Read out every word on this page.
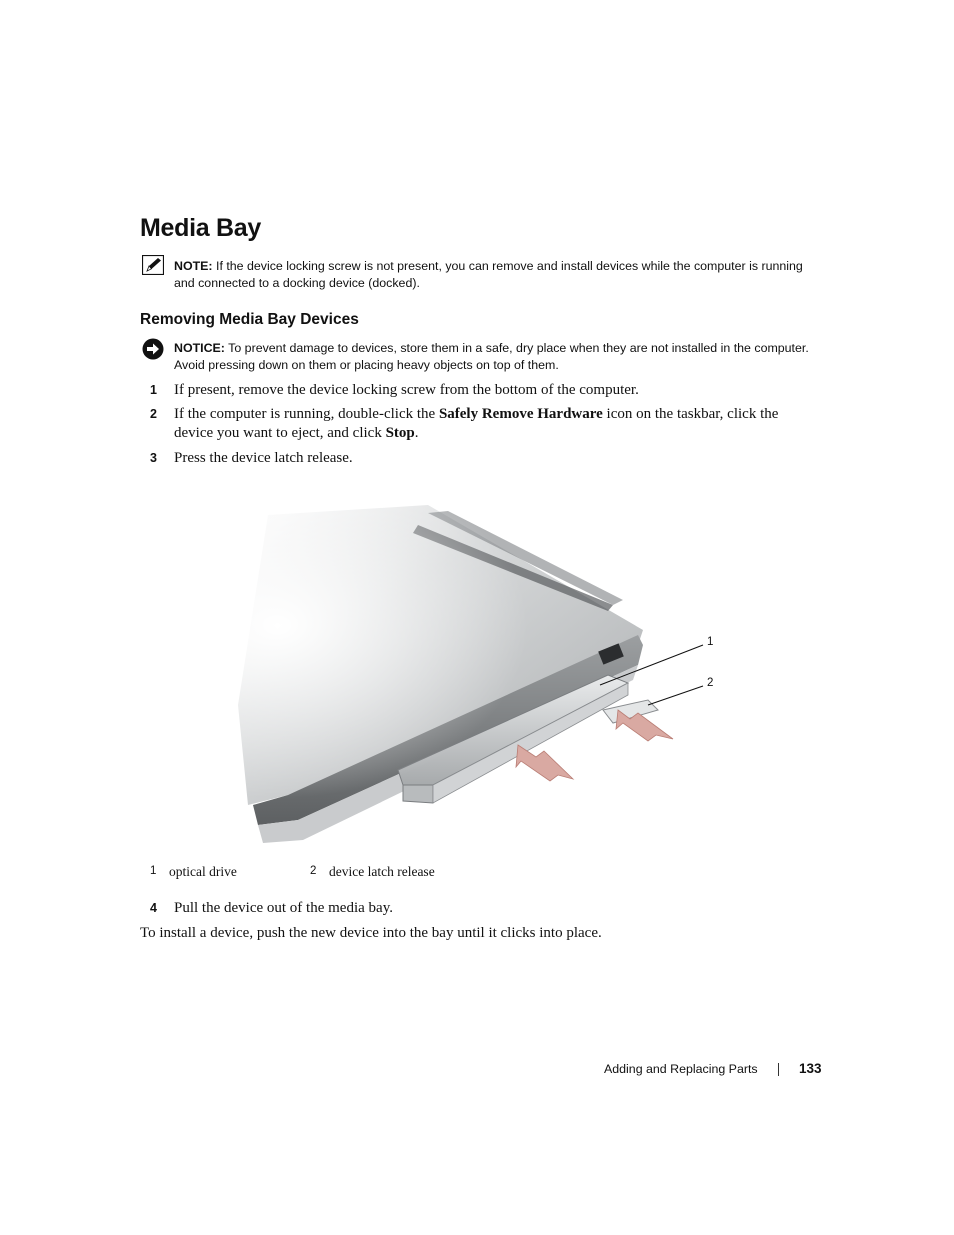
Media Bay
NOTE: If the device locking screw is not present, you can remove and install devices while the computer is running and connected to a docking device (docked).
Removing Media Bay Devices
NOTICE: To prevent damage to devices, store them in a safe, dry place when they are not installed in the computer. Avoid pressing down on them or placing heavy objects on top of them.
1 If present, remove the device locking screw from the bottom of the computer.
2 If the computer is running, double-click the Safely Remove Hardware icon on the taskbar, click the device you want to eject, and click Stop.
3 Press the device latch release.
1
2
1 optical drive	2 device latch release
4 Pull the device out of the media bay.
To install a device, push the new device into the bay until it clicks into place.
Adding and Replacing Parts	133
